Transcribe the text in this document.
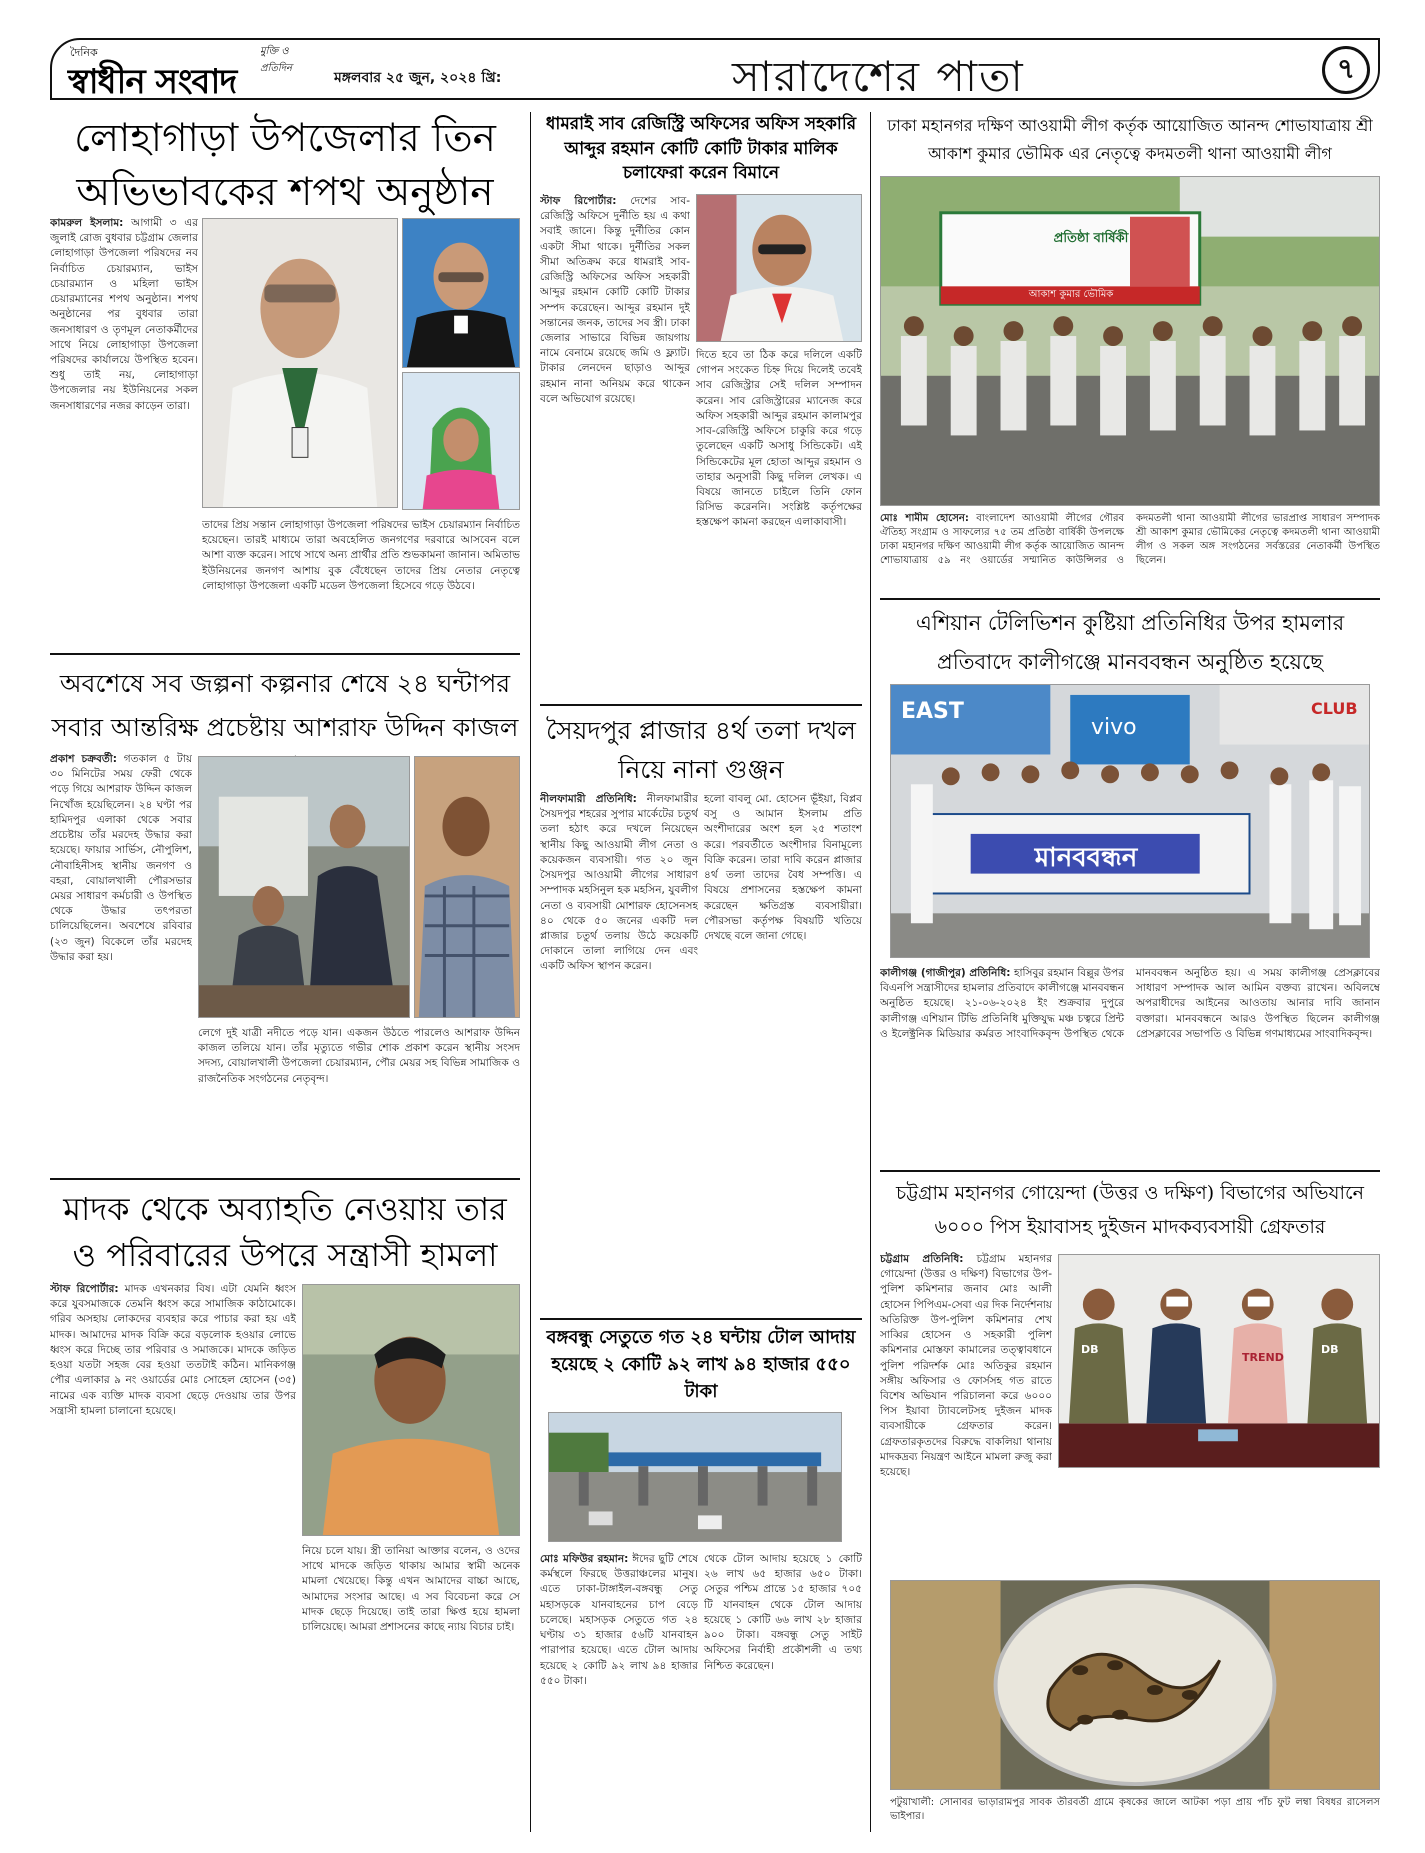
দৈনিক	মুক্তি ও প্রতিদিন
স্বাধীন সংবাদ	মঙ্গলবার ২৫ জুন, ২০২৪ খ্রি:	সারাদেশের পাতা	৭
লোহাগাড়া উপজেলার তিন অভিভাবকের শপথ অনুষ্ঠান
কামরুল ইসলাম: আগামী ৩ এর জুলাই রোজ বুধবার চট্টগ্রাম জেলার লোহাগাড়া উপজেলা পরিষদের নব নির্বাচিত চেয়ারম্যান, ভাইস চেয়ারম্যান ও মহিলা ভাইস চেয়ারম্যানের শপথ অনুষ্ঠান। শপথ অনুষ্ঠানের পর বুধবার তারা জনসাধারণ ও তৃণমূল নেতাকর্মীদের সাথে নিয়ে লোহাগাড়া উপজেলা পরিষদের কার্যালয়ে উপস্থিত হবেন। শুধু তাই নয়, লোহাগাড়া উপজেলার নয় ইউনিয়নের সকল জনসাধারণের নজর কাড়েন তারা।
তাদের প্রিয় সন্তান লোহাগাড়া উপজেলা পরিষদের ভাইস চেয়ারম্যান নির্বাচিত হয়েছেন। তারই মাধ্যমে তারা অবহেলিত জনগণের দরবারে আসবেন বলে আশা ব্যক্ত করেন। সাথে সাথে অন্য প্রার্থীর প্রতি শুভকামনা জানান। অমিতাভ ইউনিয়নের জনগণ আশায় বুক বেঁধেছেন তাদের প্রিয় নেতার নেতৃত্বে লোহাগাড়া উপজেলা একটি মডেল উপজেলা হিসেবে গড়ে উঠবে।
অবশেষে সব জল্পনা কল্পনার শেষে ২৪ ঘন্টাপর সবার আন্তরিক্ষ প্রচেষ্টায় আশরাফ উদ্দিন কাজল
প্রকাশ চক্রবর্তী: গতকাল ৫ টায় ৩০ মিনিটের সময় ফেরী থেকে পড়ে গিয়ে আশরাফ উদ্দিন কাজল নিখোঁজ হয়েছিলেন। ২৪ ঘণ্টা পর হামিদপুর এলাকা থেকে সবার প্রচেষ্টায় তাঁর মরদেহ উদ্ধার করা হয়েছে। ফায়ার সার্ভিস, নৌপুলিশ, নৌবাহিনীসহ স্থানীয় জনগণ ও বহরা, বোয়ালখালী পৌরসভার মেয়র সাধারণ কর্মচারী ও উপস্থিত থেকে উদ্ধার তৎপরতা চালিয়েছিলেন। অবশেষে রবিবার (২৩ জুন) বিকেলে তাঁর মরদেহ উদ্ধার করা হয়।
লেগে দুই যাত্রী নদীতে পড়ে যান। একজন উঠতে পারলেও আশরাফ উদ্দিন কাজল তলিয়ে যান। তাঁর মৃত্যুতে গভীর শোক প্রকাশ করেন স্থানীয় সংসদ সদস্য, বোয়ালখালী উপজেলা চেয়ারম্যান, পৌর মেয়র সহ বিভিন্ন সামাজিক ও রাজনৈতিক সংগঠনের নেতৃবৃন্দ।
মাদক থেকে অব্যাহতি নেওয়ায় তার ও পরিবারের উপরে সন্ত্রাসী হামলা
স্টাফ রিপোর্টার: মাদক এখনকার বিষ। এটা যেমনি ধ্বংস করে যুবসমাজকে তেমনি ধ্বংস করে সামাজিক কাঠামোকে। গরিব অসহায় লোকদের ব্যবহার করে পাচার করা হয় এই মাদক। আমাদের মাদক বিক্রি করে বড়লোক হওয়ার লোভে ধ্বংস করে দিচ্ছে তার পরিবার ও সমাজকে। মাদকে জড়িত হওয়া যতটা সহজ বের হওয়া ততটাই কঠিন। মানিকগঞ্জ পৌর এলাকার ৯ নং ওয়ার্ডের মোঃ সোহেল হোসেন (৩৫) নামের এক ব্যক্তি মাদক ব্যবসা ছেড়ে দেওয়ায় তার উপর সন্ত্রাসী হামলা চালানো হয়েছে।
নিয়ে চলে যায়। স্ত্রী তানিয়া আক্তার বলেন, ও ওদের সাথে মাদকে জড়িত থাকায় আমার স্বামী অনেক মামলা খেয়েছে। কিন্তু এখন আমাদের বাচ্চা আছে, আমাদের সংসার আছে। এ সব বিবেচনা করে সে মাদক ছেড়ে দিয়েছে। তাই তারা ক্ষিপ্ত হয়ে হামলা চালিয়েছে। আমরা প্রশাসনের কাছে ন্যায় বিচার চাই।
ধামরাই সাব রেজিস্ট্রি অফিসের অফিস সহকারি আব্দুর রহমান কোটি কোটি টাকার মালিক চলাফেরা করেন বিমানে
স্টাফ রিপোর্টার: দেশের সাব-রেজিস্ট্রি অফিসে দুর্নীতি হয় এ কথা সবাই জানে। কিন্তু দুর্নীতির কোন একটা সীমা থাকে। দুর্নীতির সকল সীমা অতিক্রম করে ধামরাই সাব-রেজিস্ট্রি অফিসের অফিস সহকারী আব্দুর রহমান কোটি কোটি টাকার সম্পদ করেছেন। আব্দুর রহমান দুই সন্তানের জনক, তাদের সব স্ত্রী। ঢাকা জেলার সাভারে বিভিন্ন জায়গায় নামে বেনামে রয়েছে জমি ও ফ্ল্যাট। টাকার লেনদেন ছাড়াও আব্দুর রহমান নানা অনিয়ম করে থাকেন বলে অভিযোগ রয়েছে।
দিতে হবে তা ঠিক করে দলিলে একটি গোপন সংকেত চিহ্ন দিয়ে দিলেই তবেই সাব রেজিস্ট্রার সেই দলিল সম্পাদন করেন। সাব রেজিস্ট্রারের ম্যানেজ করে অফিস সহকারী আব্দুর রহমান কালামপুর সাব-রেজিস্ট্রি অফিসে চাকুরি করে গড়ে তুলেছেন একটি অসাধু সিন্ডিকেট। এই সিন্ডিকেটের মূল হোতা আব্দুর রহমান ও তাহার অনুসারী কিছু দলিল লেখক। এ বিষয়ে জানতে চাইলে তিনি ফোন রিসিভ করেননি। সংশ্লিষ্ট কর্তৃপক্ষের হস্তক্ষেপ কামনা করছেন এলাকাবাসী।
সৈয়দপুর প্লাজার ৪র্থ তলা দখল নিয়ে নানা গুঞ্জন
নীলফামারী প্রতিনিধি: নীলফামারীর সৈয়দপুর শহরের সুপার মার্কেটের চতুর্থ তলা হঠাৎ করে দখলে নিয়েছেন স্থানীয় কিছু আওয়ামী লীগ নেতা ও কয়েকজন ব্যবসায়ী। গত ২০ জুন সৈয়দপুর আওয়ামী লীগের সাধারণ সম্পাদক মহসিনুল হক মহসিন, যুবলীগ নেতা ও ব্যবসায়ী মোশারফ হোসেনসহ ৪০ থেকে ৫০ জনের একটি দল প্লাজার চতুর্থ তলায় উঠে কয়েকটি দোকানে তালা লাগিয়ে দেন এবং একটি অফিস স্থাপন করেন।
হলো বাবলু মো. হোসেন ভূঁইয়া, বিপ্লব বসু ও আমান ইসলাম প্রতি অংশীদারের অংশ হল ২৫ শতাংশ করে। পরবর্তীতে অংশীদার বিনামূল্যে বিক্রি করেন। তারা দাবি করেন প্লাজার ৪র্থ তলা তাদের বৈধ সম্পত্তি। এ বিষয়ে প্রশাসনের হস্তক্ষেপ কামনা করেছেন ক্ষতিগ্রস্ত ব্যবসায়ীরা। পৌরসভা কর্তৃপক্ষ বিষয়টি খতিয়ে দেখছে বলে জানা গেছে।
বঙ্গবন্ধু সেতুতে গত ২৪ ঘন্টায় টোল আদায় হয়েছে ২ কোটি ৯২ লাখ ৯৪ হাজার ৫৫০ টাকা
মোঃ মফিউর রহমান: ঈদের ছুটি শেষে কর্মস্থলে ফিরছে উত্তরাঞ্চলের মানুষ। এতে ঢাকা-টাঙ্গাইল-বঙ্গবন্ধু সেতু মহাসড়কে যানবাহনের চাপ বেড়ে চলেছে। মহাসড়ক সেতুতে গত ২৪ ঘণ্টায় ৩১ হাজার ৫৬টি যানবাহন পারাপার হয়েছে। এতে টোল আদায় হয়েছে ২ কোটি ৯২ লাখ ৯৪ হাজার ৫৫০ টাকা।
থেকে টোল আদায় হয়েছে ১ কোটি ২৬ লাখ ৬৫ হাজার ৬৫০ টাকা। সেতুর পশ্চিম প্রান্তে ১৫ হাজার ৭০৫ টি যানবাহন থেকে টোল আদায় হয়েছে ১ কোটি ৬৬ লাখ ২৮ হাজার ৯০০ টাকা। বঙ্গবন্ধু সেতু সাইট অফিসের নির্বাহী প্রকৌশলী এ তথ্য নিশ্চিত করেছেন।
ঢাকা মহানগর দক্ষিণ আওয়ামী লীগ কর্তৃক আয়োজিত আনন্দ শোভাযাত্রায় শ্রী আকাশ কুমার ভৌমিক এর নেতৃত্বে কদমতলী থানা আওয়ামী লীগ
প্রতিষ্ঠা বার্ষিকী
আকাশ কুমার ভৌমিক
মোঃ শামীম হোসেন: বাংলাদেশ আওয়ামী লীগের গৌরব ঐতিহ্য সংগ্রাম ও সাফল্যের ৭৫ তম প্রতিষ্ঠা বার্ষিকী উপলক্ষে ঢাকা মহানগর দক্ষিণ আওয়ামী লীগ কর্তৃক আয়োজিত আনন্দ শোভাযাত্রায় ৫৯ নং ওয়ার্ডের সম্মানিত কাউন্সিলর ও কদমতলী থানা আওয়ামী লীগের ভারপ্রাপ্ত সাধারণ সম্পাদক শ্রী আকাশ কুমার ভৌমিকের নেতৃত্বে কদমতলী থানা আওয়ামী লীগ ও সকল অঙ্গ সংগঠনের সর্বস্তরের নেতাকর্মী উপস্থিত ছিলেন।
এশিয়ান টেলিভিশন কুষ্টিয়া প্রতিনিধির উপর হামলার প্রতিবাদে কালীগঞ্জে মানববন্ধন অনুষ্ঠিত হয়েছে
EAST
vivo
CLUB
মানববন্ধন
কালীগঞ্জ (গাজীপুর) প্রতিনিধি: হাসিবুর রহমান বিল্লুর উপর বিএনপি সন্ত্রাসীদের হামলার প্রতিবাদে কালীগঞ্জে মানববন্ধন অনুষ্ঠিত হয়েছে। ২১-০৬-২০২৪ ইং শুক্রবার দুপুরে কালীগঞ্জ এশিয়ান টিভি প্রতিনিধি মুক্তিযুদ্ধ মঞ্চ চত্বরে প্রিন্ট ও ইলেক্ট্রনিক মিডিয়ার কর্মরত সাংবাদিকবৃন্দ উপস্থিত থেকে মানববন্ধন অনুষ্ঠিত হয়। এ সময় কালীগঞ্জ প্রেসক্লাবের সাধারণ সম্পাদক আল আমিন বক্তব্য রাখেন। অবিলম্বে অপরাধীদের আইনের আওতায় আনার দাবি জানান বক্তারা। মানববন্ধনে আরও উপস্থিত ছিলেন কালীগঞ্জ প্রেসক্লাবের সভাপতি ও বিভিন্ন গণমাধ্যমের সাংবাদিকবৃন্দ।
চট্টগ্রাম মহানগর গোয়েন্দা (উত্তর ও দক্ষিণ) বিভাগের অভিযানে ৬০০০ পিস ইয়াবাসহ দুইজন মাদকব্যবসায়ী গ্রেফতার
চট্টগ্রাম প্রতিনিধি: চট্টগ্রাম মহানগর গোয়েন্দা (উত্তর ও দক্ষিণ) বিভাগের উপ-পুলিশ কমিশনার জনাব মোঃ আলী হোসেন পিপিএম-সেবা এর দিক নির্দেশনায় অতিরিক্ত উপ-পুলিশ কমিশনার শেখ সাব্বির হোসেন ও সহকারী পুলিশ কমিশনার মোস্তফা কামালের তত্ত্বাবধানে পুলিশ পরিদর্শক মোঃ অতিকুর রহমান সঙ্গীয় অফিসার ও ফোর্সসহ গত রাতে বিশেষ অভিযান পরিচালনা করে ৬০০০ পিস ইয়াবা ট্যাবলেটসহ দুইজন মাদক ব্যবসায়ীকে গ্রেফতার করেন। গ্রেফতারকৃতদের বিরুদ্ধে বাকলিয়া থানায় মাদকদ্রব্য নিয়ন্ত্রণ আইনে মামলা রুজু করা হয়েছে।
DB	DB
TREND
পটুয়াখালী: সোনাবর ভাড়ারামপুর সাবক তীরবর্তী গ্রামে কৃষকের জালে আটকা পড়া প্রায় পাঁচ ফুট লম্বা বিষধর রাসেলস ভাইপার।
